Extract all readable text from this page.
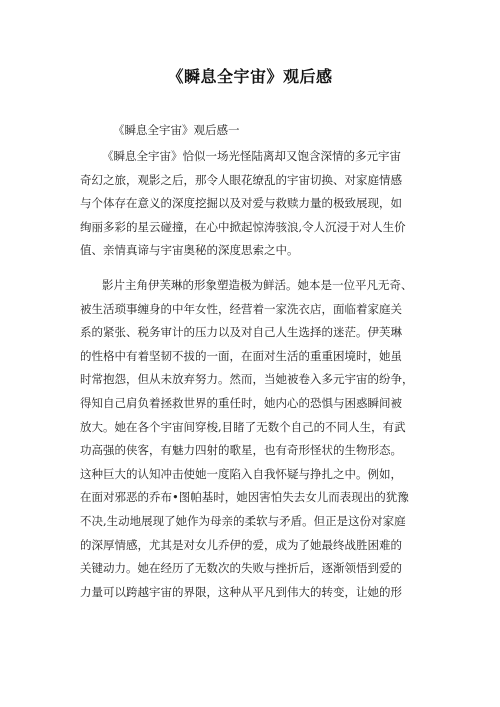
《瞬息全宇宙》观后感

《瞬息全宇宙》观后感一

《瞬息全宇宙》恰似一场光怪陆离却又饱含深情的多元宇宙
奇幻之旅，观影之后，那令人眼花缭乱的宇宙切换、对家庭情感
与个体存在意义的深度挖掘以及对爱与救赎力量的极致展现，如
绚丽多彩的星云碰撞，在心中掀起惊涛骇浪,令人沉浸于对人生价
值、亲情真谛与宇宙奥秘的深度思索之中。
影片主角伊芙琳的形象塑造极为鲜活。她本是一位平凡无奇、
被生活琐事缠身的中年女性，经营着一家洗衣店，面临着家庭关
系的紧张、税务审计的压力以及对自己人生选择的迷茫。伊芙琳
的性格中有着坚韧不拔的一面，在面对生活的重重困境时，她虽
时常抱怨，但从未放弃努力。然而，当她被卷入多元宇宙的纷争，
得知自己肩负着拯救世界的重任时，她内心的恐惧与困惑瞬间被
放大。她在各个宇宙间穿梭,目睹了无数个自己的不同人生，有武
功高强的侠客，有魅力四射的歌星，也有奇形怪状的生物形态。
这种巨大的认知冲击使她一度陷入自我怀疑与挣扎之中。例如，
在面对邪恶的乔布•图帕基时，她因害怕失去女儿而表现出的犹豫
不决,生动地展现了她作为母亲的柔软与矛盾。但正是这份对家庭
的深厚情感，尤其是对女儿乔伊的爱，成为了她最终战胜困难的
关键动力。她在经历了无数次的失败与挫折后，逐渐领悟到爱的
力量可以跨越宇宙的界限，这种从平凡到伟大的转变，让她的形
